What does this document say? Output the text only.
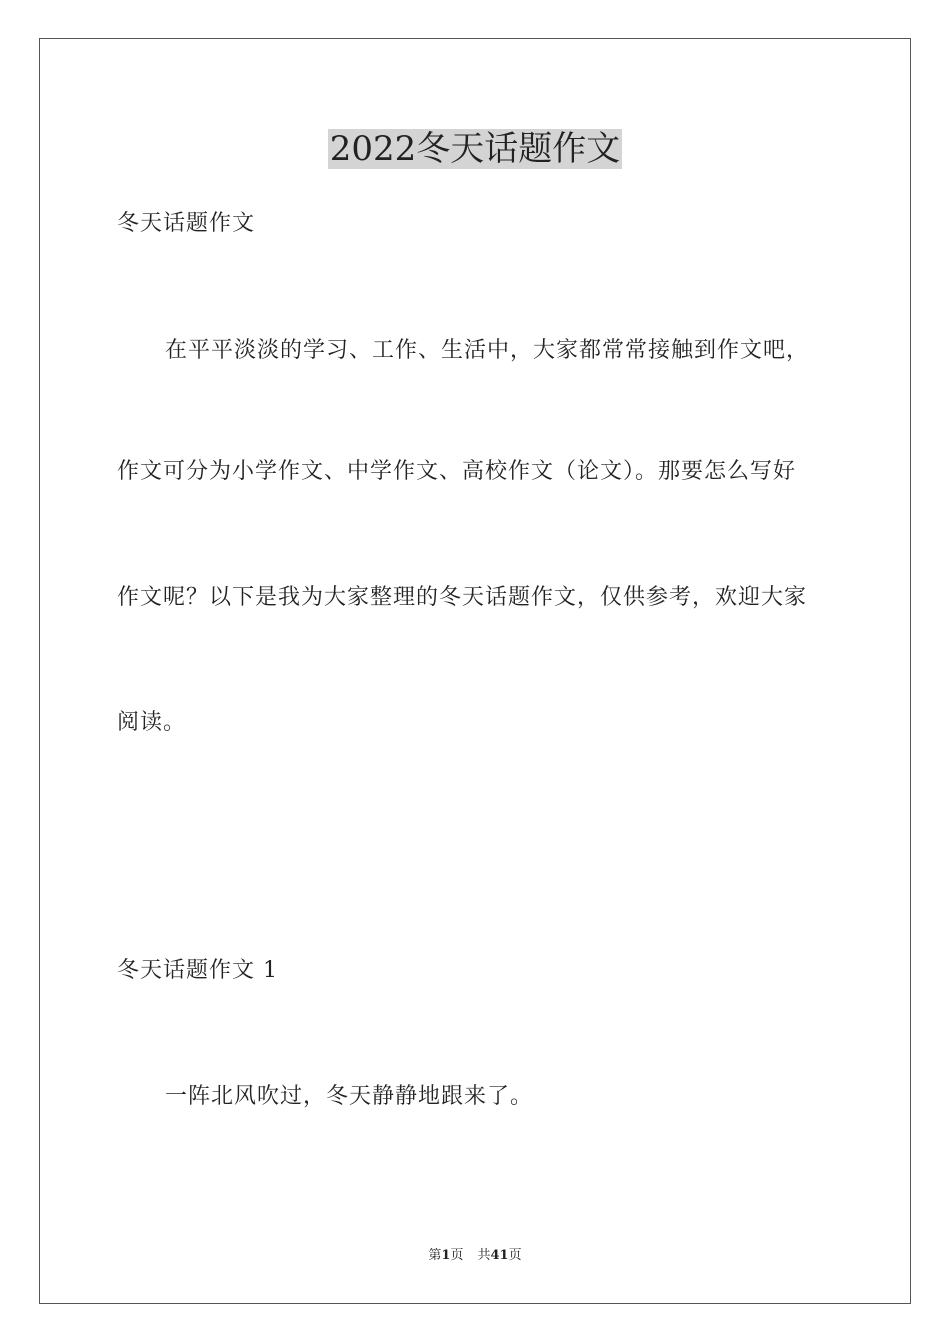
2022冬天话题作文

冬天话题作文

在平平淡淡的学习、工作、生活中，大家都常常接触到作文吧，

作文可分为小学作文、中学作文、高校作文（论文）。那要怎么写好

作文呢？以下是我为大家整理的冬天话题作文，仅供参考，欢迎大家

阅读。

冬天话题作文 1

一阵北风吹过，冬天静静地跟来了。

第1页 共41页
